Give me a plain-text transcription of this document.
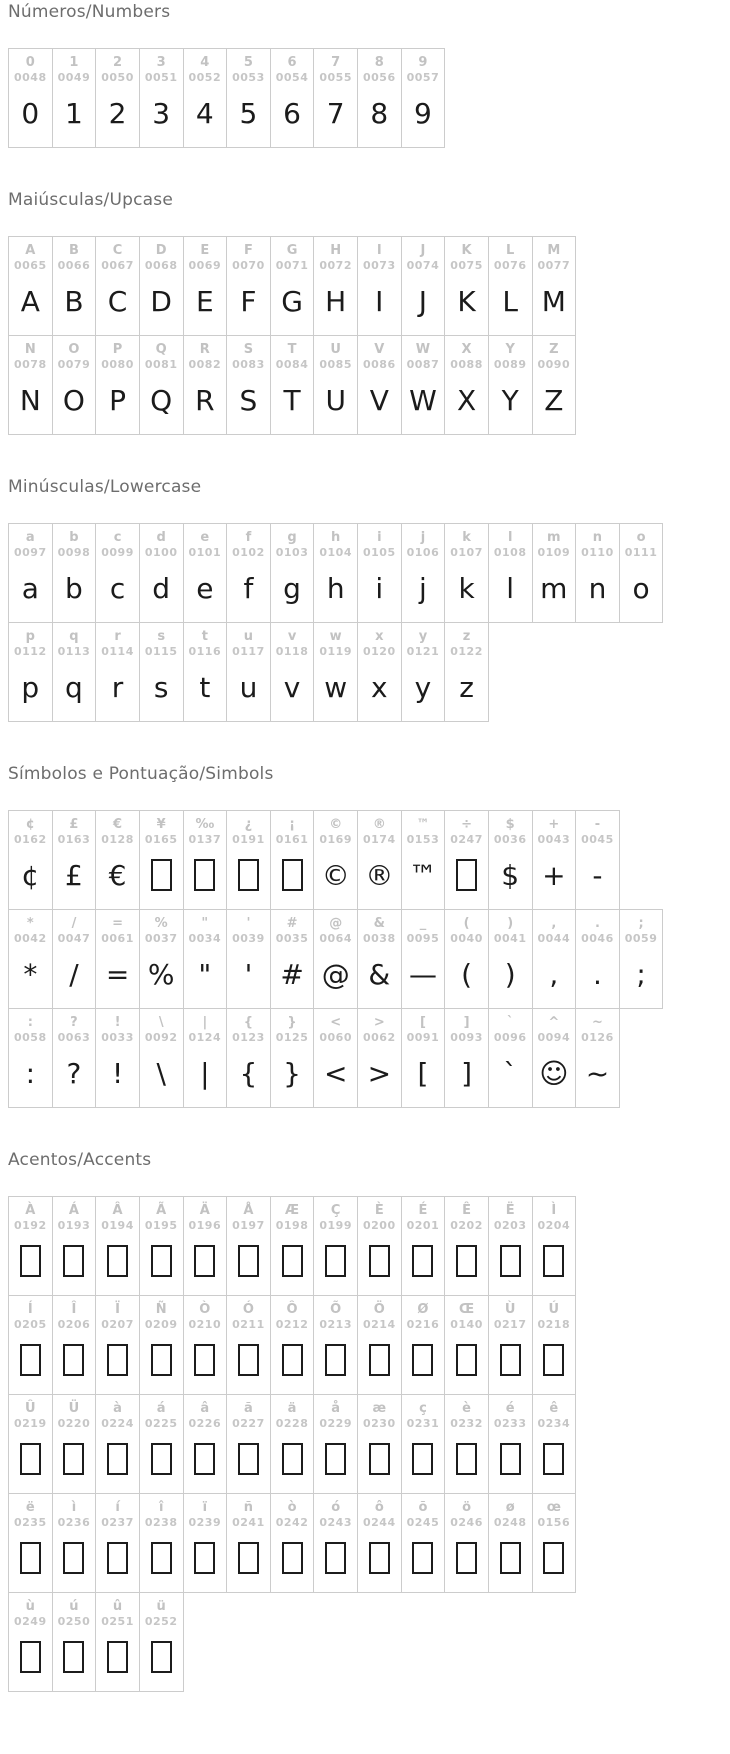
Números/Numbers
0
0048
0
1
0049
1
2
0050
2
3
0051
3
4
0052
4
5
0053
5
6
0054
6
7
0055
7
8
0056
8
9
0057
9
Maiúsculas/Upcase
A
0065
A
B
0066
B
C
0067
C
D
0068
D
E
0069
E
F
0070
F
G
0071
G
H
0072
H
I
0073
I
J
0074
J
K
0075
K
L
0076
L
M
0077
M
N
0078
N
O
0079
O
P
0080
P
Q
0081
Q
R
0082
R
S
0083
S
T
0084
T
U
0085
U
V
0086
V
W
0087
W
X
0088
X
Y
0089
Y
Z
0090
Z
Minúsculas/Lowercase
a
0097
a
b
0098
b
c
0099
c
d
0100
d
e
0101
e
f
0102
f
g
0103
g
h
0104
h
i
0105
i
j
0106
j
k
0107
k
l
0108
l
m
0109
m
n
0110
n
o
0111
o
p
0112
p
q
0113
q
r
0114
r
s
0115
s
t
0116
t
u
0117
u
v
0118
v
w
0119
w
x
0120
x
y
0121
y
z
0122
z
Símbolos e Pontuação/Simbols
¢
0162
¢
£
0163
£
€
0128
€
¥
0165
‰
0137
¿
0191
¡
0161
©
0169
©
®
0174
®
™
0153
™
÷
0247
$
0036
$
+
0043
+
-
0045
-
*
0042
*
/
0047
/
=
0061
=
%
0037
%
"
0034
"
'
0039
'
#
0035
#
@
0064
@
&
0038
&
_
0095
—
(
0040
(
)
0041
)
,
0044
,
.
0046
.
;
0059
;
:
0058
:
?
0063
?
!
0033
!
\
0092
\
|
0124
|
{
0123
{
}
0125
}
<
0060
<
>
0062
>
[
0091
[
]
0093
]
`
0096
`
^
0094
☺
~
0126
~
Acentos/Accents
À
0192
Á
0193
Â
0194
Ã
0195
Ä
0196
Å
0197
Æ
0198
Ç
0199
È
0200
É
0201
Ê
0202
Ë
0203
Ì
0204
Í
0205
Î
0206
Ï
0207
Ñ
0209
Ò
0210
Ó
0211
Ô
0212
Õ
0213
Ö
0214
Ø
0216
Œ
0140
Ù
0217
Ú
0218
Û
0219
Ü
0220
à
0224
á
0225
â
0226
ã
0227
ä
0228
å
0229
æ
0230
ç
0231
è
0232
é
0233
ê
0234
ë
0235
ì
0236
í
0237
î
0238
ï
0239
ñ
0241
ò
0242
ó
0243
ô
0244
õ
0245
ö
0246
ø
0248
œ
0156
ù
0249
ú
0250
û
0251
ü
0252
